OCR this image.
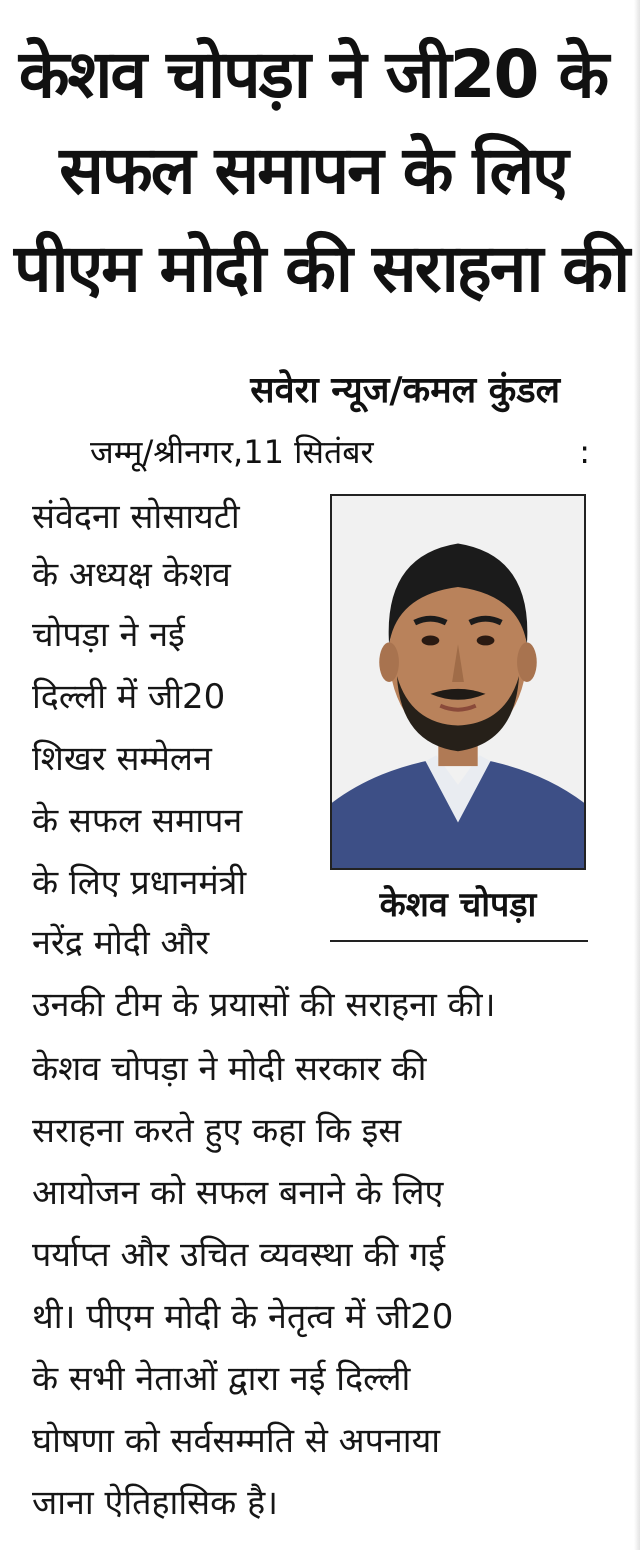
केशव चोपड़ा ने जी20 के
सफल समापन के लिए
पीएम मोदी की सराहना की
सवेरा न्यूज/कमल कुंडल
जम्मू/श्रीनगर,11 सितंबर	:

संवेदना सोसायटी

के अध्यक्ष केशव

चोपड़ा ने नई

दिल्ली में जी20

शिखर सम्मेलन

के सफल समापन

के लिए प्रधानमंत्री

नरेंद्र मोदी और

उनकी टीम के प्रयासों की सराहना की।

केशव चोपड़ा ने मोदी सरकार की

सराहना करते हुए कहा कि इस

आयोजन को सफल बनाने के लिए

पर्याप्त और उचित व्यवस्था की गई

थी। पीएम मोदी के नेतृत्व में जी20

के सभी नेताओं द्वारा नई दिल्ली

घोषणा को सर्वसम्मति से अपनाया

जाना ऐतिहासिक है।

केशव चोपड़ा
